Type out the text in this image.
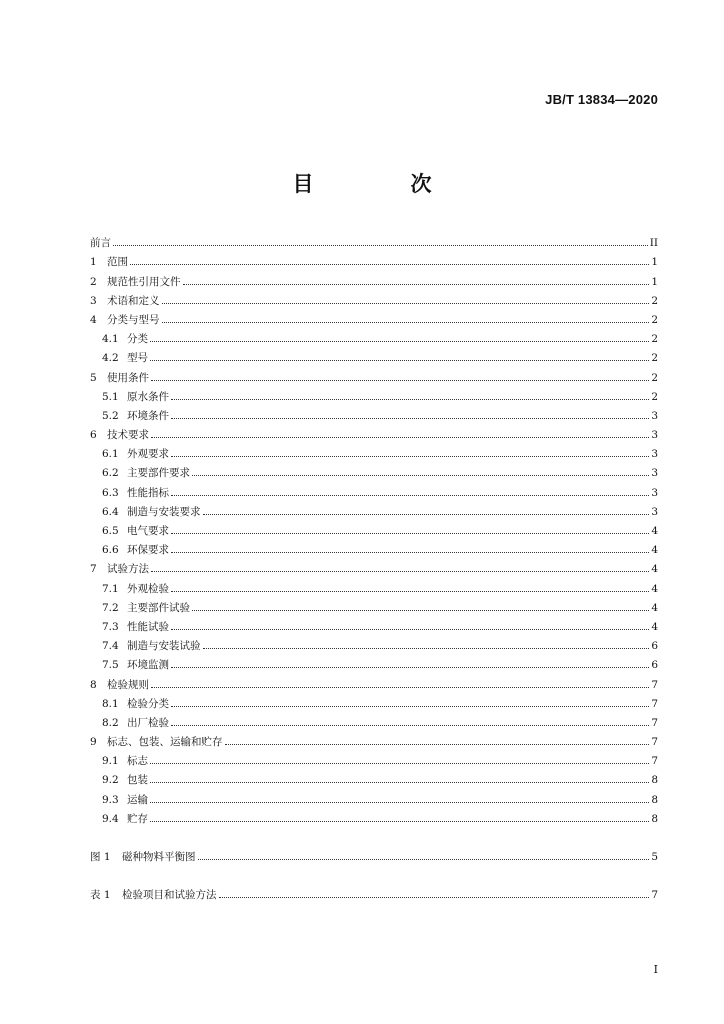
JB/T 13834—2020
目　次
前言	II
1 范围	1
2 规范性引用文件	1
3 术语和定义	2
4 分类与型号	2
4.1 分类	2
4.2 型号	2
5 使用条件	2
5.1 原水条件	2
5.2 环境条件	3
6 技术要求	3
6.1 外观要求	3
6.2 主要部件要求	3
6.3 性能指标	3
6.4 制造与安装要求	3
6.5 电气要求	4
6.6 环保要求	4
7 试验方法	4
7.1 外观检验	4
7.2 主要部件试验	4
7.3 性能试验	4
7.4 制造与安装试验	6
7.5 环境监测	6
8 检验规则	7
8.1 检验分类	7
8.2 出厂检验	7
9 标志、包装、运输和贮存	7
9.1 标志	7
9.2 包装	8
9.3 运输	8
9.4 贮存	8
图 1	磁种物料平衡图	5
表 1	检验项目和试验方法	7
I
